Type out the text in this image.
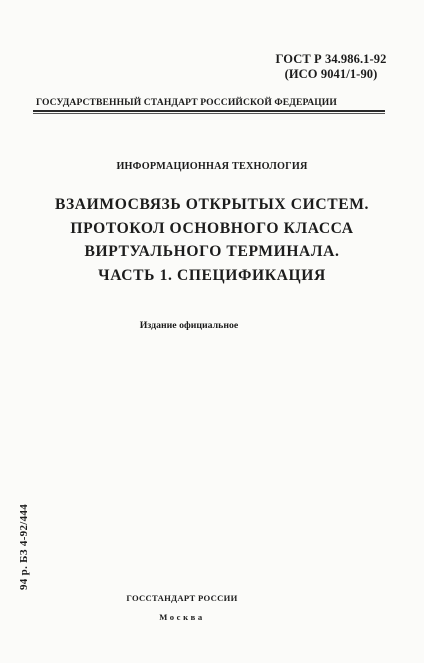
ГОСТ Р 34.986.1-92
(ИСО 9041/1-90)
ГОСУДАРСТВЕННЫЙ СТАНДАРТ РОССИЙСКОЙ ФЕДЕРАЦИИ
ИНФОРМАЦИОННАЯ ТЕХНОЛОГИЯ
ВЗАИМОСВЯЗЬ ОТКРЫТЫХ СИСТЕМ.
ПРОТОКОЛ ОСНОВНОГО КЛАССА
ВИРТУАЛЬНОГО ТЕРМИНАЛА.
ЧАСТЬ 1. СПЕЦИФИКАЦИЯ
Издание официальное
94 р. БЗ 4-92/444
ГОССТАНДАРТ РОССИИ
Москва
